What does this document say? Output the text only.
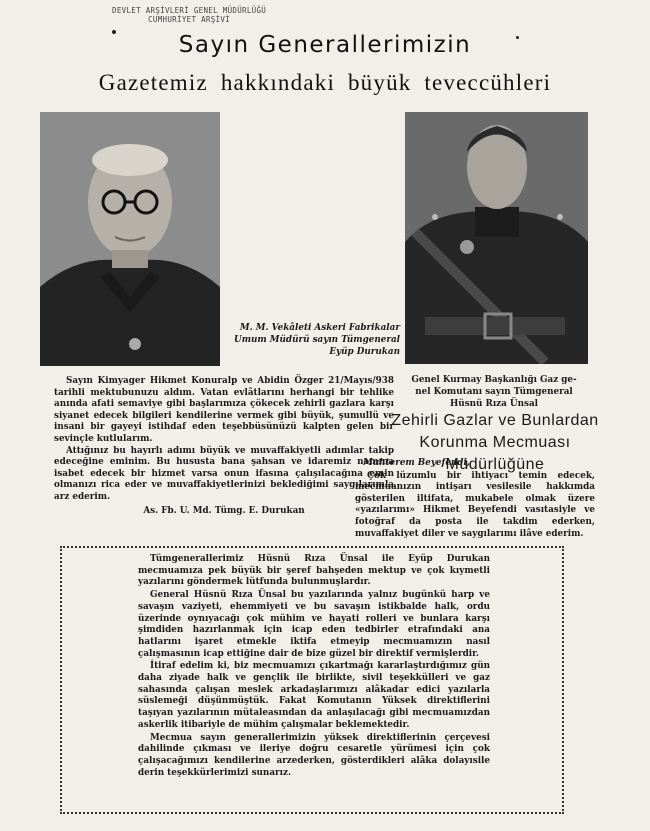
DEVLET ARŞİVLERİ GENEL MÜDÜRLÜĞÜ
CUMHURİYET ARŞİVİ
Sayın Generallerimizin
Gazetemiz hakkındaki büyük teveccühleri
M. M. Vekâleti Askeri Fabrikalar
Umum Müdürü sayın Tümgeneral
Eyüp Durukan
Genel Kurmay Başkanlığı Gaz ge-
nel Komutanı sayın Tümgeneral
Hüsnü Rıza Ünsal

Sayın Kimyager Hikmet Konuralp ve Abidin Özger 21/Mayıs/938 tarihli mektubunuzu aldım. Vatan evlâtlarını herhangi bir tehlike anında afati semaviye gibi başlarımıza çökecek zehirli gazlara karşı siyanet edecek bilgileri kendilerine vermek gibi büyük, şumullü ve insani bir gayeyi istihdaf eden teşebbüsünüzü kalpten gelen bir sevinçle kutlularım.

Attığınız bu hayırlı adımı büyük ve muvaffakiyetli adımlar takip edeceğine eminim. Bu hususta bana şahsan ve idaremiz namına isabet edecek bir hizmet varsa onun ifasına çalışılacağına emin olmanızı rica eder ve muvaffakiyetlerinizi beklediğimi saygılarımla arz ederim.

As. Fb. U. Md. Tümg. E. Durukan

Zehirli Gazlar ve Bunlardan Korunma Mecmuası Müdürlüğüne

Muhterem Beyefendi,

Çok lüzumlu bir ihtiyacı temin edecek, mecmuanızın intişarı vesilesile hakkımda gösterilen iltifata, mukabele olmak üzere «yazılarımı» Hikmet Beyefendi vasıtasiyle ve fotoğraf da posta ile takdim ederken, muvaffakiyet diler ve saygılarımı ilâve ederim.

Tümgenerallerimiz Hüsnü Rıza Ünsal ile Eyüp Durukan mecmuamıza pek büyük bir şeref bahşeden mektup ve çok kıymetli yazılarını göndermek lütfunda bulunmuşlardır.

General Hüsnü Rıza Ünsal bu yazılarında yalnız bugünkü harp ve savaşın vaziyeti, ehemmiyeti ve bu savaşın istikbalde halk, ordu üzerinde oynıyacağı çok mühim ve hayati rolleri ve bunlara karşı şimdiden hazırlanmak için icap eden tedbirler etrafındaki ana hatlarını işaret etmekle iktifa etmeyip mecmuamızın nasıl çalışmasının icap ettiğine dair de bize güzel bir direktif vermişlerdir.

İtiraf edelim ki, biz mecmuamızı çıkartmağı kararlaştırdığımız gün daha ziyade halk ve gençlik ile birlikte, sivil teşekkülleri ve gaz sahasında çalışan meslek arkadaşlarımızı alâkadar edici yazılarla süslemeği düşünmüştük. Fakat Komutanın Yüksek direktiflerini taşıyan yazılarının mütaleasından da anlaşılacağı gibi mecmuamızdan askerlik itibariyle de mühim çalışmalar beklemektedir.

Mecmua sayın generallerimizin yüksek direktiflerinin çerçevesi dahilinde çıkması ve ileriye doğru cesaretle yürümesi için çok çalışacağımızı kendilerine arzederken, gösterdikleri alâka dolayısile derin teşekkürlerimizi sunarız.
